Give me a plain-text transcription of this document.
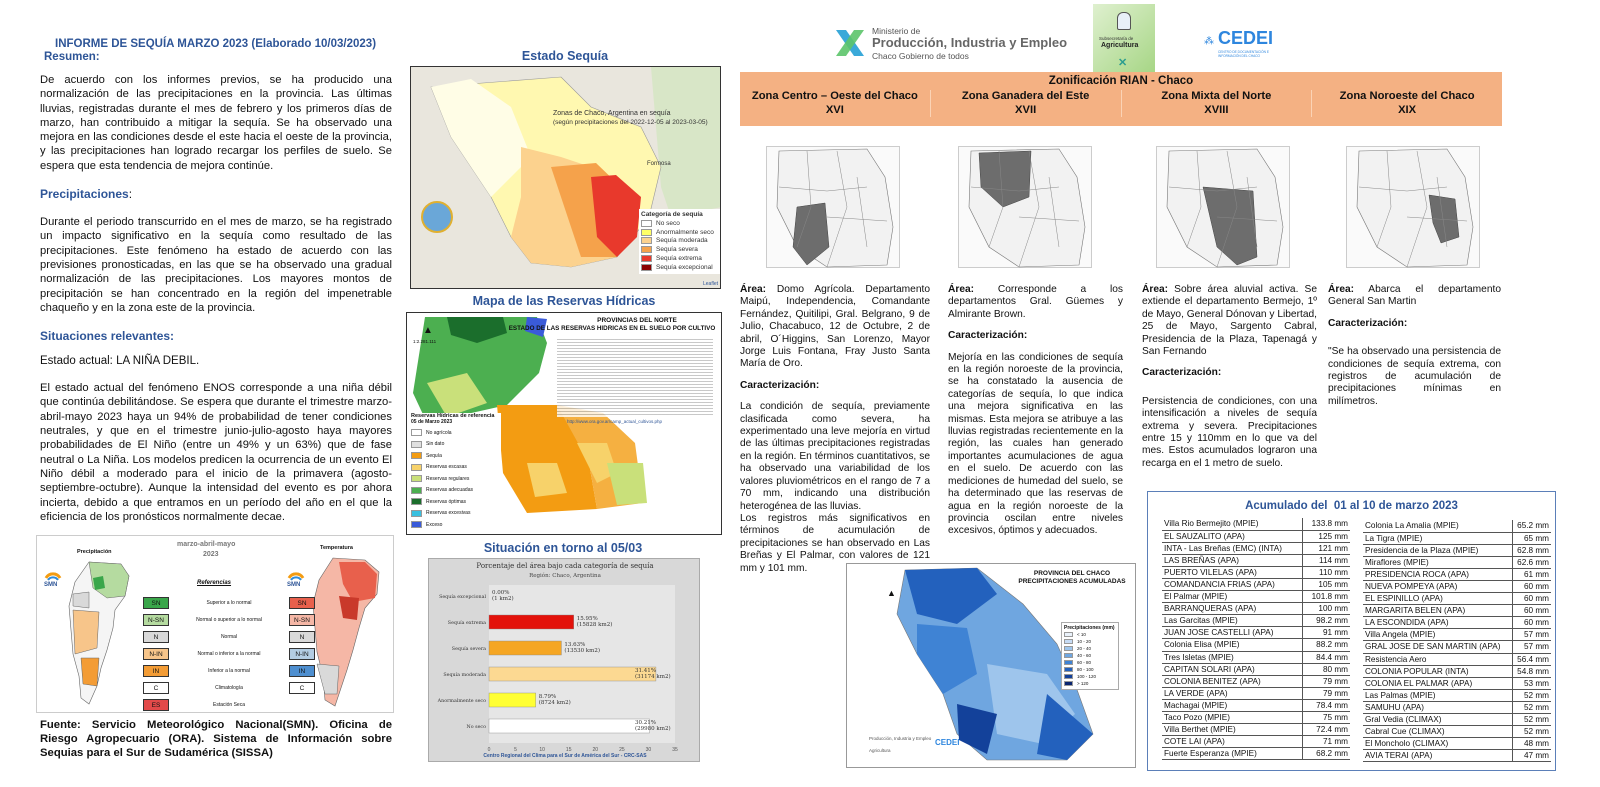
INFORME DE SEQUÍA MARZO 2023 (Elaborado 10/03/2023)
Resumen:

De acuerdo con los informes previos, se ha producido una normalización de las precipitaciones en la provincia. Las últimas lluvias, registradas durante el mes de febrero y los primeros días de marzo, han contribuido a mitigar la sequía. Se ha observado una mejora en las condiciones desde el este hacia el oeste de la provincia, y las precipitaciones han logrado recargar los perfiles de suelo. Se espera que esta tendencia de mejora continúe.

Precipitaciones:

Durante el periodo transcurrido en el mes de marzo, se ha registrado un impacto significativo en la sequía como resultado de las precipitaciones. Este fenómeno ha estado de acuerdo con las previsiones pronosticadas, en las que se ha observado una gradual normalización de las precipitaciones. Los mayores montos de precipitación se han concentrado en la región del impenetrable chaqueño y en la zona este de la provincia.

Situaciones relevantes:
Estado actual: LA NIÑA DEBIL.

El estado actual del fenómeno ENOS corresponde a una niña débil que continúa debilitándose. Se espera que durante el trimestre marzo-abril-mayo 2023 haya un 94% de probabilidad de tener condiciones neutrales, y que en el trimestre junio-julio-agosto haya mayores probabilidades de El Niño (entre un 49% y un 63%) que de fase neutral o La Niña. Los modelos predicen la ocurrencia de un evento El Niño débil a moderado para el inicio de la primavera (agosto-septiembre-octubre). Aunque la intensidad del evento es por ahora incierta, debido a que entramos en un período del año en el que la eficiencia de los pronósticos normalmente decae.

marzo-abril-mayo
2023
Precipitación
Temperatura
Referencias
SMN	SMN
SN	Superior a lo normal	SN
N-SN	Normal o superior a lo normal	N-SN
N	Normal	N
N-IN	Normal o inferior a la normal	N-IN
IN	Inferior a la normal	IN
C	Climatología	C
ES	Estación Seca
Fuente: Servicio Meteorológico Nacional(SMN). Oficina de Riesgo Agropecuario (ORA). Sistema de Información sobre Sequias para el Sur de Sudamérica (SISSA)
Estado Sequía
Zonas de Chaco, Argentina en sequía
(según precipitaciones del 2022-12-05 al 2023-03-05)
Formosa
Categoría de sequía
No seco
Anormalmente seco
Sequía moderada
Sequía severa
Sequía extrema
Sequía excepcional
Leaflet
Mapa de las Reservas Hídricas
▲
1:2.281.111
PROVINCIAS DEL NORTE
ESTADO DE LAS RESERVAS HIDRICAS EN EL SUELO POR CULTIVO
http://www.ora.gov.ar/camp_actual_cultivos.php
Reservas Hídricas de referencia
05 de Marzo 2023
No agrícola
Sin dato
Sequía
Reservas escasas
Reservas regulares
Reservas adecuadas
Reservas óptimas
Reservas excesivas
Exceso
Situación en torno al 05/03
Porcentaje del área bajo cada categoría de sequía
Región: Chaco, Argentina
Sequía excepcional
0.00%
(1 km2)
Sequía extrema
15.95%
(15828 km2)
Sequía severa
13.63%
(13530 km2)
Sequía moderada
31.41%
(31174 km2)
Anormalmente seco
8.79%
(8724 km2)
No seco
30.21%
(29980 km2)
0	5	10	15	20	25	30	35
Centro Regional del Clima para el Sur de América del Sur - CRC-SAS
Ministerio de
Producción, Industria y Empleo
Chaco Gobierno de todos
Subsecretaría de
Agricultura
✕
⁂ CEDEI
CENTRO DE DOCUMENTACIÓN E INFORMACIÓN DEL CHACO
Zonificación RIAN - Chaco
Zona Centro – Oeste del Chaco
XVI
Zona Ganadera del Este
XVII
Zona Mixta del Norte
XVIII
Zona Noroeste del Chaco
XIX

Área: Domo Agrícola. Departamento Maipú, Independencia, Comandante Fernández, Quitilipi, Gral. Belgrano, 9 de Julio, Chacabuco, 12 de Octubre, 2 de abril, O´Higgins, San Lorenzo, Mayor Jorge Luis Fontana, Fray Justo Santa María de Oro.

Caracterización:

La condición de sequía, previamente clasificada como severa, ha experimentado una leve mejoría en virtud de las últimas precipitaciones registradas en la región. En términos cuantitativos, se ha observado una variabilidad de los valores pluviométricos en el rango de 7 a 70 mm, indicando una distribución heterogénea de las lluvias.

Los registros más significativos en términos de acumulación de precipitaciones se han observado en Las Breñas y El Palmar, con valores de 121 mm y 101 mm.

Área: Corresponde a los departamentos Gral. Güemes y Almirante Brown.

Caracterización:

Mejoría en las condiciones de sequía en la región noroeste de la provincia, se ha constatado la ausencia de categorías de sequía, lo que indica una mejora significativa en las mismas. Esta mejora se atribuye a las lluvias registradas recientemente en la región, las cuales han generado importantes acumulaciones de agua en el suelo. De acuerdo con las mediciones de humedad del suelo, se ha determinado que las reservas de agua en la región noroeste de la provincia oscilan entre niveles excesivos, óptimos y adecuados.

Área: Sobre área aluvial activa. Se extiende el departamento Bermejo, 1º de Mayo, General Dónovan y Libertad, 25 de Mayo, Sargento Cabral, Presidencia de la Plaza, Tapenagá y San Fernando

Caracterización:

Persistencia de condiciones, con una intensificación a niveles de sequía extrema y severa. Precipitaciones entre 15 y 110mm en lo que va del mes. Estos acumulados lograron una recarga en el 1 metro de suelo.

Área: Abarca el departamento General San Martin

Caracterización:

"Se ha observado una persistencia de condiciones de sequía extrema, con registros de acumulación de precipitaciones mínimas en milímetros.

PROVINCIA DEL CHACO
PRECIPITACIONES ACUMULADAS
▲
Precipitaciones (mm)
< 10
10 - 20
20 - 40
40 - 60
60 - 80
80 - 100
100 - 120
> 120
Producción, Industria y Empleo
Agricultura
CEDEI
Acumulado del  01 al 10 de marzo 2023
Villa Rio Bermejito (MPIE)	133.8 mm
EL SAUZALITO (APA)	125 mm
INTA - Las Breñas (EMC) (INTA)	121 mm
LAS BREÑAS (APA)	114 mm
PUERTO VILELAS (APA)	110 mm
COMANDANCIA FRIAS (APA)	105 mm
El Palmar (MPIE)	101.8 mm
BARRANQUERAS (APA)	100 mm
Las Garcitas (MPIE)	98.2 mm
JUAN JOSE CASTELLI (APA)	91 mm
Colonia Elisa (MPIE)	88.2 mm
Tres Isletas (MPIE)	84.4 mm
CAPITAN SOLARI (APA)	80 mm
COLONIA BENITEZ (APA)	79 mm
LA VERDE (APA)	79 mm
Machagai (MPIE)	78.4 mm
Taco Pozo (MPIE)	75 mm
Villa Berthet (MPIE)	72.4 mm
COTE LAI (APA)	71 mm
Fuerte Esperanza (MPIE)	68.2 mm
Colonia La Amalia (MPIE)	65.2 mm
La Tigra (MPIE)	65 mm
Presidencia de la Plaza (MPIE)	62.8 mm
Miraflores (MPIE)	62.6 mm
PRESIDENCIA ROCA (APA)	61 mm
NUEVA POMPEYA (APA)	60 mm
EL ESPINILLO (APA)	60 mm
MARGARITA BELEN (APA)	60 mm
LA ESCONDIDA (APA)	60 mm
Villa Angela (MPIE)	57 mm
GRAL JOSE DE SAN MARTIN (APA)	57 mm
Resistencia Aero	56.4 mm
COLONIA POPULAR (INTA)	54.8 mm
COLONIA EL PALMAR (APA)	53 mm
Las Palmas (MPIE)	52 mm
SAMUHU (APA)	52 mm
Gral Vedia (CLIMAX)	52 mm
Cabral Cue (CLIMAX)	52 mm
El Moncholo (CLIMAX)	48 mm
AVIA TERAI (APA)	47 mm
